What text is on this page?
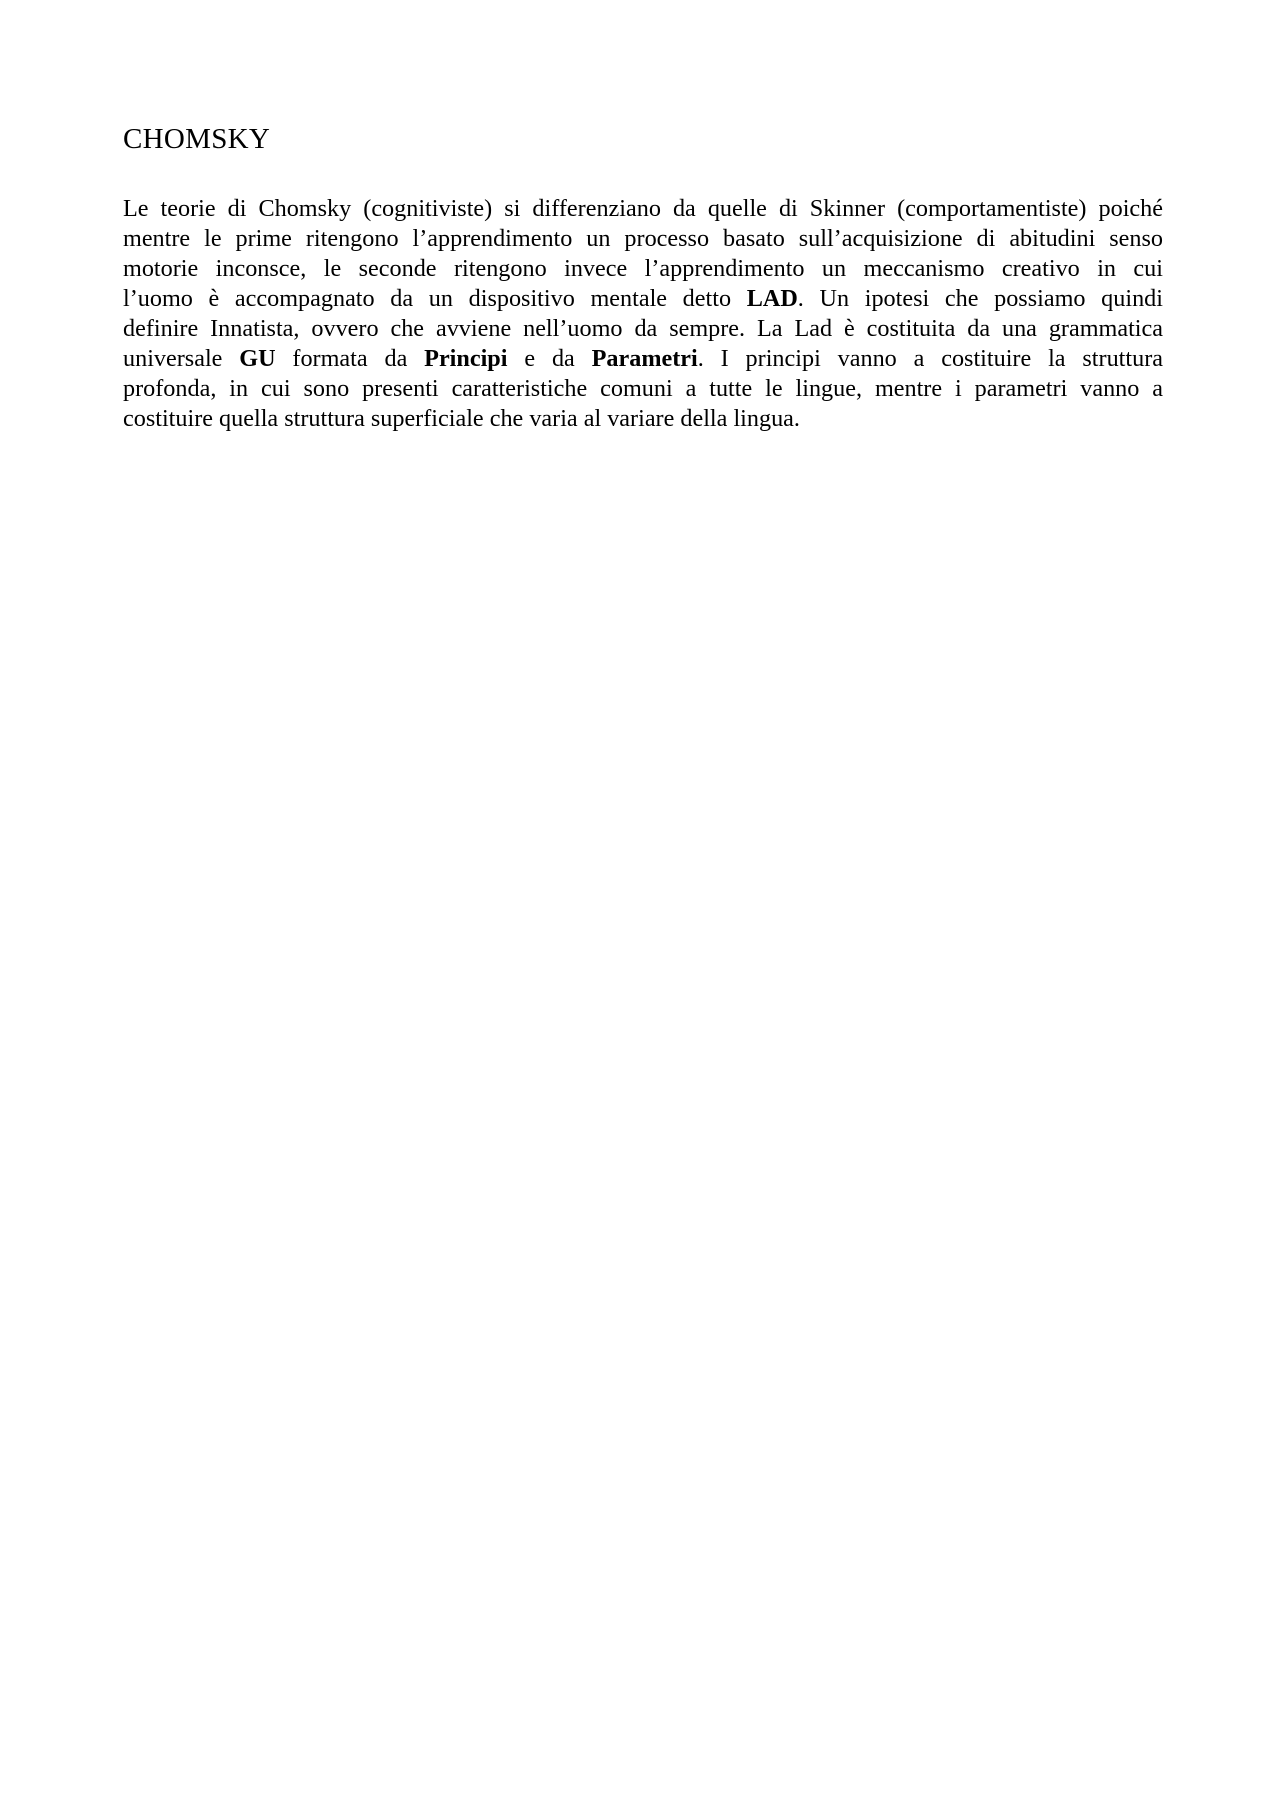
CHOMSKY
Le teorie di Chomsky (cognitiviste) si differenziano da quelle di Skinner (comportamentiste) poiché
mentre le prime ritengono l’apprendimento un processo basato sull’acquisizione di abitudini senso
motorie inconsce, le seconde ritengono invece l’apprendimento un meccanismo creativo in cui
l’uomo è accompagnato da un dispositivo mentale detto LAD. Un ipotesi che possiamo quindi
definire Innatista, ovvero che avviene nell’uomo da sempre. La Lad è costituita da una grammatica
universale GU formata da Principi e da Parametri. I principi vanno a costituire la struttura
profonda, in cui sono presenti caratteristiche comuni a tutte le lingue, mentre i parametri vanno a
costituire quella struttura superficiale che varia al variare della lingua.
